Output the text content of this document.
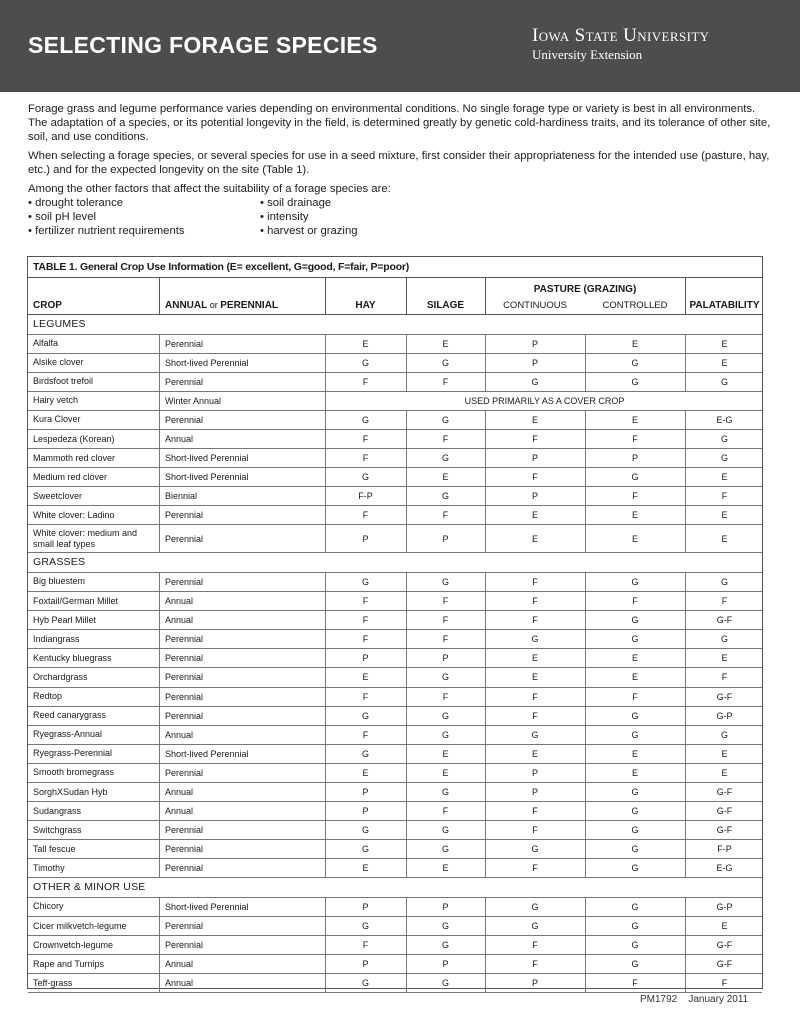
SELECTING FORAGE SPECIES	Iowa State University
University Extension

Forage grass and legume performance varies depending on environmental conditions. No single forage type or variety is best in all environments. The adaptation of a species, or its potential longevity in the field, is determined greatly by genetic cold-hardiness traits, and its tolerance of other site, soil, and use conditions.

When selecting a forage species, or several species for use in a seed mixture, first consider their appropriateness for the intended use (pasture, hay, etc.) and for the expected longevity on the site (Table 1).

Among the other factors that affect the suitability of a forage species are:

• drought tolerance
• soil pH level
• fertilizer nutrient requirements
• soil drainage
• intensity
• harvest or grazing
TABLE 1. General Crop Use Information (E= excellent, G=good, F=fair, P=poor)
CROP	ANNUAL or PERENNIAL	HAY	SILAGE
PASTURE (GRAZING)
CONTINUOUS	CONTROLLED	PALATABILITY
LEGUMES
Alfalfa	Perennial	E	E	P	E	E
Alsike clover	Short-lived Perennial	G	G	P	G	E
Birdsfoot trefoil	Perennial	F	F	G	G	G
Hairy vetch	Winter Annual	USED PRIMARILY AS A COVER CROP
Kura Clover	Perennial	G	G	E	E	E-G
Lespedeza (Korean)	Annual	F	F	F	F	G
Mammoth red clover	Short-lived Perennial	F	G	P	P	G
Medium red clover	Short-lived Perennial	G	E	F	G	E
Sweetclover	Biennial	F-P	G	P	F	F
White clover: Ladino	Perennial	F	F	E	E	E
White clover: medium and small leaf types	Perennial	P	P	E	E	E
GRASSES
Big bluestem	Perennial	G	G	F	G	G
Foxtail/German Millet	Annual	F	F	F	F	F
Hyb Pearl Millet	Annual	F	F	F	G	G-F
Indiangrass	Perennial	F	F	G	G	G
Kentucky bluegrass	Perennial	P	P	E	E	E
Orchardgrass	Perennial	E	G	E	E	F
Redtop	Perennial	F	F	F	F	G-F
Reed canarygrass	Perennial	G	G	F	G	G-P
Ryegrass-Annual	Annual	F	G	G	G	G
Ryegrass-Perennial	Short-lived Perennial	G	E	E	E	E
Smooth bromegrass	Perennial	E	E	P	E	E
SorghXSudan Hyb	Annual	P	G	P	G	G-F
Sudangrass	Annual	P	F	F	G	G-F
Switchgrass	Perennial	G	G	F	G	G-F
Tall fescue	Perennial	G	G	G	G	F-P
Timothy	Perennial	E	E	F	G	E-G
OTHER & MINOR USE
Chicory	Short-lived Perennial	P	P	G	G	G-P
Cicer milkvetch-legume	Perennial	G	G	G	G	E
Crownvetch-legume	Perennial	F	G	F	G	G-F
Rape and Turnips	Annual	P	P	F	G	G-F
Teff-grass	Annual	G	G	P	F	F
PM1792 January 2011
